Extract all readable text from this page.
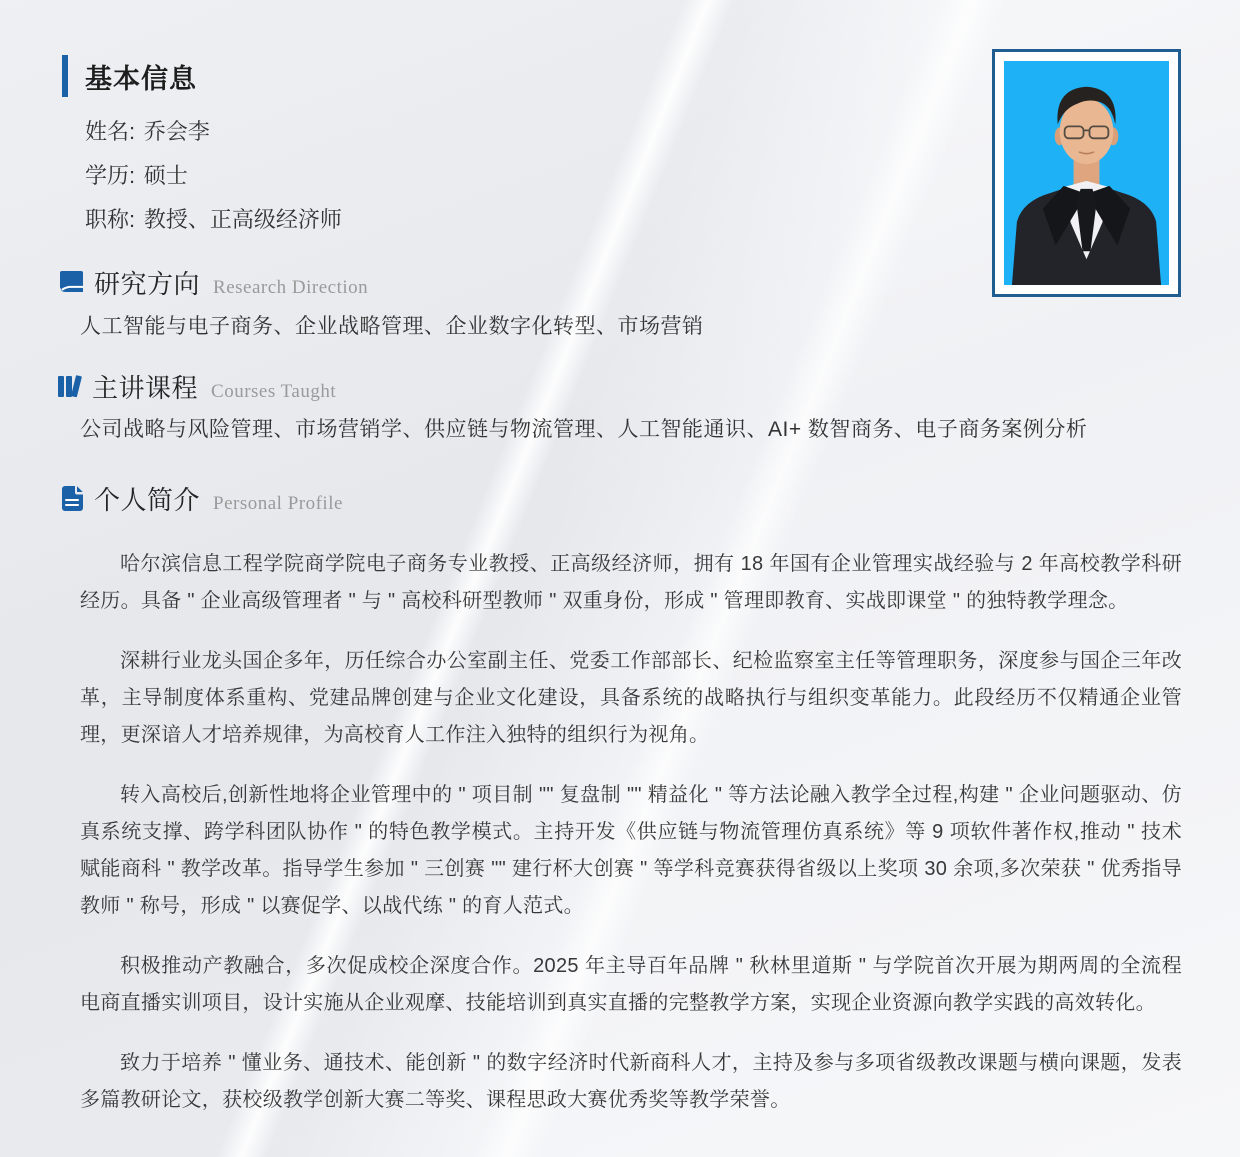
基本信息
姓名: 乔会李
学历: 硕士
职称: 教授、正高级经济师
研究方向 Research Direction
人工智能与电子商务、企业战略管理、企业数字化转型、市场营销
主讲课程 Courses Taught
公司战略与风险管理、市场营销学、供应链与物流管理、人工智能通识、AI+ 数智商务、电子商务案例分析
个人简介 Personal Profile

哈尔滨信息工程学院商学院电子商务专业教授、正高级经济师，拥有 18 年国有企业管理实战经验与 2 年高校教学科研经历。具备 " 企业高级管理者 " 与 " 高校科研型教师 " 双重身份，形成 " 管理即教育、实战即课堂 " 的独特教学理念。

深耕行业龙头国企多年，历任综合办公室副主任、党委工作部部长、纪检监察室主任等管理职务，深度参与国企三年改革，主导制度体系重构、党建品牌创建与企业文化建设，具备系统的战略执行与组织变革能力。此段经历不仅精通企业管理，更深谙人才培养规律，为高校育人工作注入独特的组织行为视角。

转入高校后,创新性地将企业管理中的 " 项目制 "" 复盘制 "" 精益化 " 等方法论融入教学全过程,构建 " 企业问题驱动、仿真系统支撑、跨学科团队协作 " 的特色教学模式。主持开发《供应链与物流管理仿真系统》等 9 项软件著作权,推动 " 技术赋能商科 " 教学改革。指导学生参加 " 三创赛 "" 建行杯大创赛 " 等学科竞赛获得省级以上奖项 30 余项,多次荣获 " 优秀指导教师 " 称号，形成 " 以赛促学、以战代练 " 的育人范式。

积极推动产教融合，多次促成校企深度合作。2025 年主导百年品牌 " 秋林里道斯 " 与学院首次开展为期两周的全流程电商直播实训项目，设计实施从企业观摩、技能培训到真实直播的完整教学方案，实现企业资源向教学实践的高效转化。

致力于培养 " 懂业务、通技术、能创新 " 的数字经济时代新商科人才，主持及参与多项省级教改课题与横向课题，发表多篇教研论文，获校级教学创新大赛二等奖、课程思政大赛优秀奖等教学荣誉。
